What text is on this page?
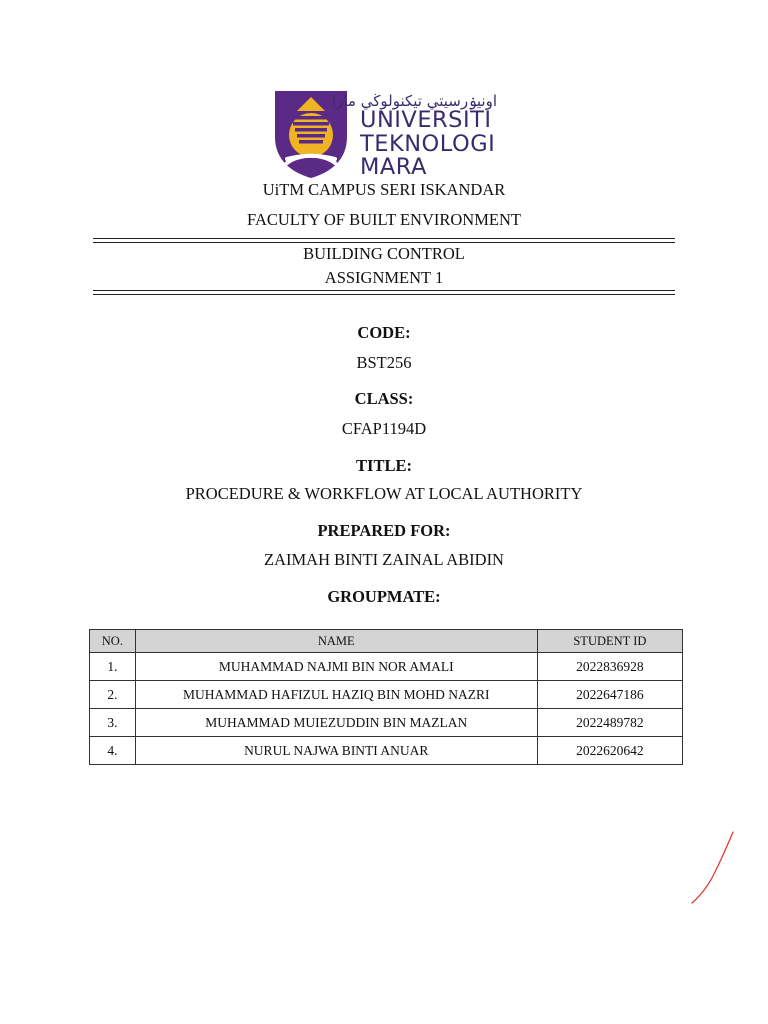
اونيۏرسيتي تيكنولوڬي مارا
UNIVERSITI
TEKNOLOGI
MARA
UiTM CAMPUS SERI ISKANDAR
FACULTY OF BUILT ENVIRONMENT
BUILDING CONTROL
ASSIGNMENT 1
CODE:
BST256
CLASS:
CFAP1194D
TITLE:
PROCEDURE & WORKFLOW AT LOCAL AUTHORITY
PREPARED FOR:
ZAIMAH BINTI ZAINAL ABIDIN
GROUPMATE:
NO.	NAME	STUDENT ID
1.	MUHAMMAD NAJMI BIN NOR AMALI	2022836928
2.	MUHAMMAD HAFIZUL HAZIQ BIN MOHD NAZRI	2022647186
3.	MUHAMMAD MUIEZUDDIN BIN MAZLAN	2022489782
4.	NURUL NAJWA BINTI ANUAR	2022620642
